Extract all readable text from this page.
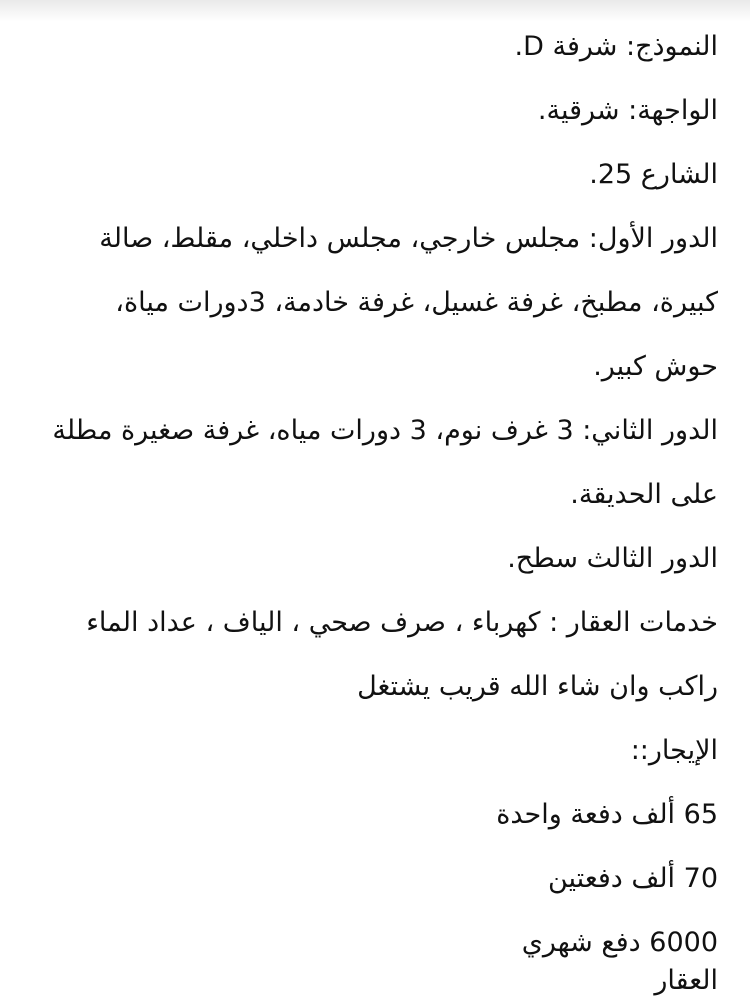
النموذج: شرفة D.
الواجهة: شرقية.
الشارع 25.
الدور الأول: مجلس خارجي، مجلس داخلي، مقلط، صالة
كبيرة، مطبخ، غرفة غسيل، غرفة خادمة، 3دورات مياة،
حوش كبير.
الدور الثاني: 3 غرف نوم، 3 دورات مياه، غرفة صغيرة مطلة
على الحديقة.
الدور الثالث سطح.
خدمات العقار : كهرباء ، صرف صحي ، الياف ، عداد الماء
راكب وان شاء الله قريب يشتغل
الإيجار::
65 ألف دفعة واحدة
70 ألف دفعتين
6000 دفع شهري
العقار
